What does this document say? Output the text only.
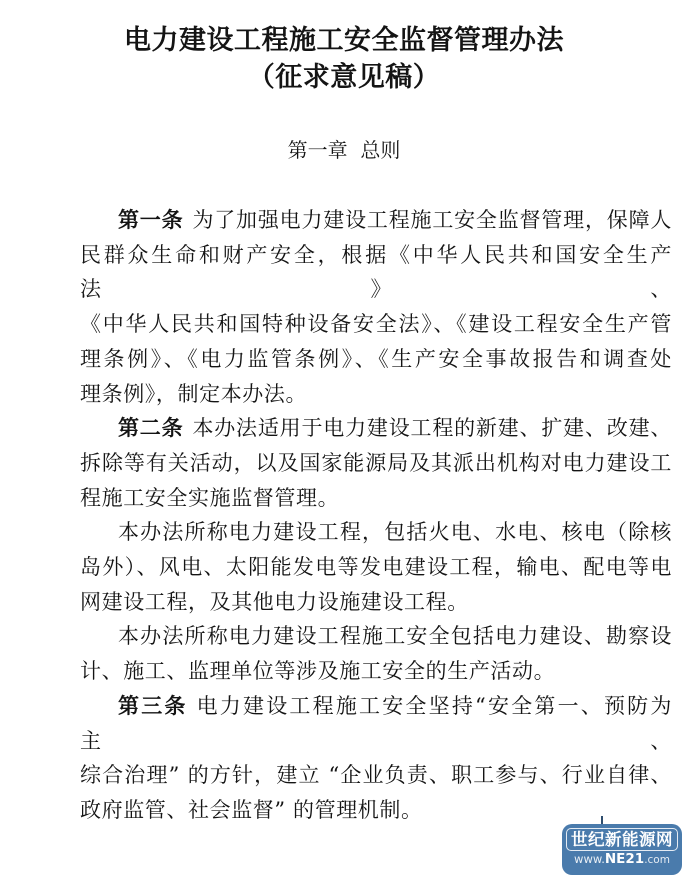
电力建设工程施工安全监督管理办法
（征求意见稿）
第一章  总则
第一条 为了加强电力建设工程施工安全监督管理，保障人
民群众生命和财产安全，根据《中华人民共和国安全生产法》、
《中华人民共和国特种设备安全法》、《建设工程安全生产管
理条例》、《电力监管条例》、《生产安全事故报告和调查处
理条例》，制定本办法。
第二条 本办法适用于电力建设工程的新建、扩建、改建、
拆除等有关活动，以及国家能源局及其派出机构对电力建设工
程施工安全实施监督管理。
本办法所称电力建设工程，包括火电、水电、核电（除核
岛外）、风电、太阳能发电等发电建设工程，输电、配电等电
网建设工程，及其他电力设施建设工程。
本办法所称电力建设工程施工安全包括电力建设、勘察设
计、施工、监理单位等涉及施工安全的生产活动。
第三条 电力建设工程施工安全坚持“安全第一、预防为主、
综合治理” 的方针，建立 “企业负责、职工参与、行业自律、
政府监管、社会监督” 的管理机制。
世纪新能源网
www.NE21.com
